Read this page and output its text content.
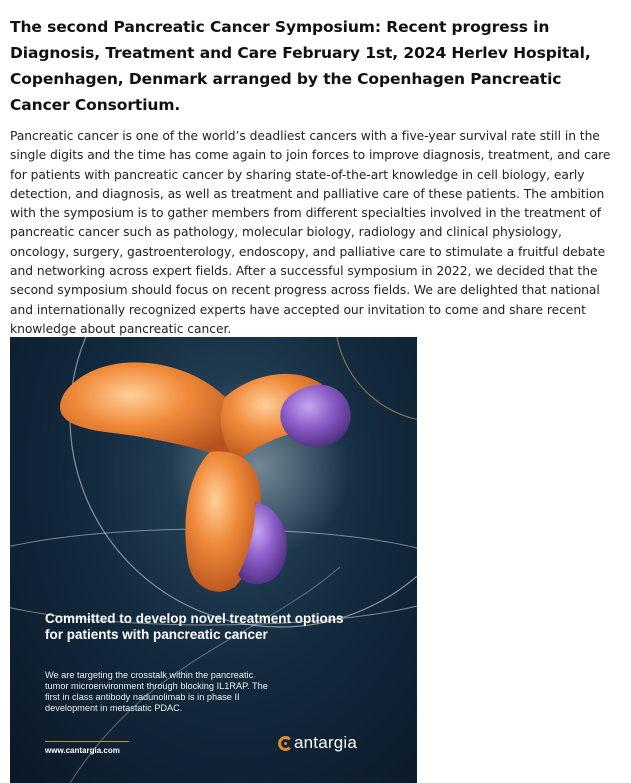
The second Pancreatic Cancer Symposium: Recent progress in Diagnosis, Treatment and Care February 1st, 2024 Herlev Hospital, Copenhagen, Denmark arranged by the Copenhagen Pancreatic Cancer Consortium.

Pancreatic cancer is one of the world’s deadliest cancers with a five-year survival rate still in the single digits and the time has come again to join forces to improve diagnosis, treatment, and care for patients with pancreatic cancer by sharing state-of-the-art knowledge in cell biology, early detection, and diagnosis, as well as treatment and palliative care of these patients. The ambition with the symposium is to gather members from different specialties involved in the treatment of pancreatic cancer such as pathology, molecular biology, radiology and clinical physiology, oncology, surgery, gastroenterology, endoscopy, and palliative care to stimulate a fruitful debate and networking across expert fields. After a successful symposium in 2022, we decided that the second symposium should focus on recent progress across fields. We are delighted that national and internationally recognized experts have accepted our invitation to come and share recent knowledge about pancreatic cancer.

Committed to develop novel treatment options for patients with pancreatic cancer
We are targeting the crosstalk within the pancreatic tumor microenvironment through blocking IL1RAP. The first in class antibody nadunolimab is in phase II development in metastatic PDAC.
www.cantargia.com	antargia
